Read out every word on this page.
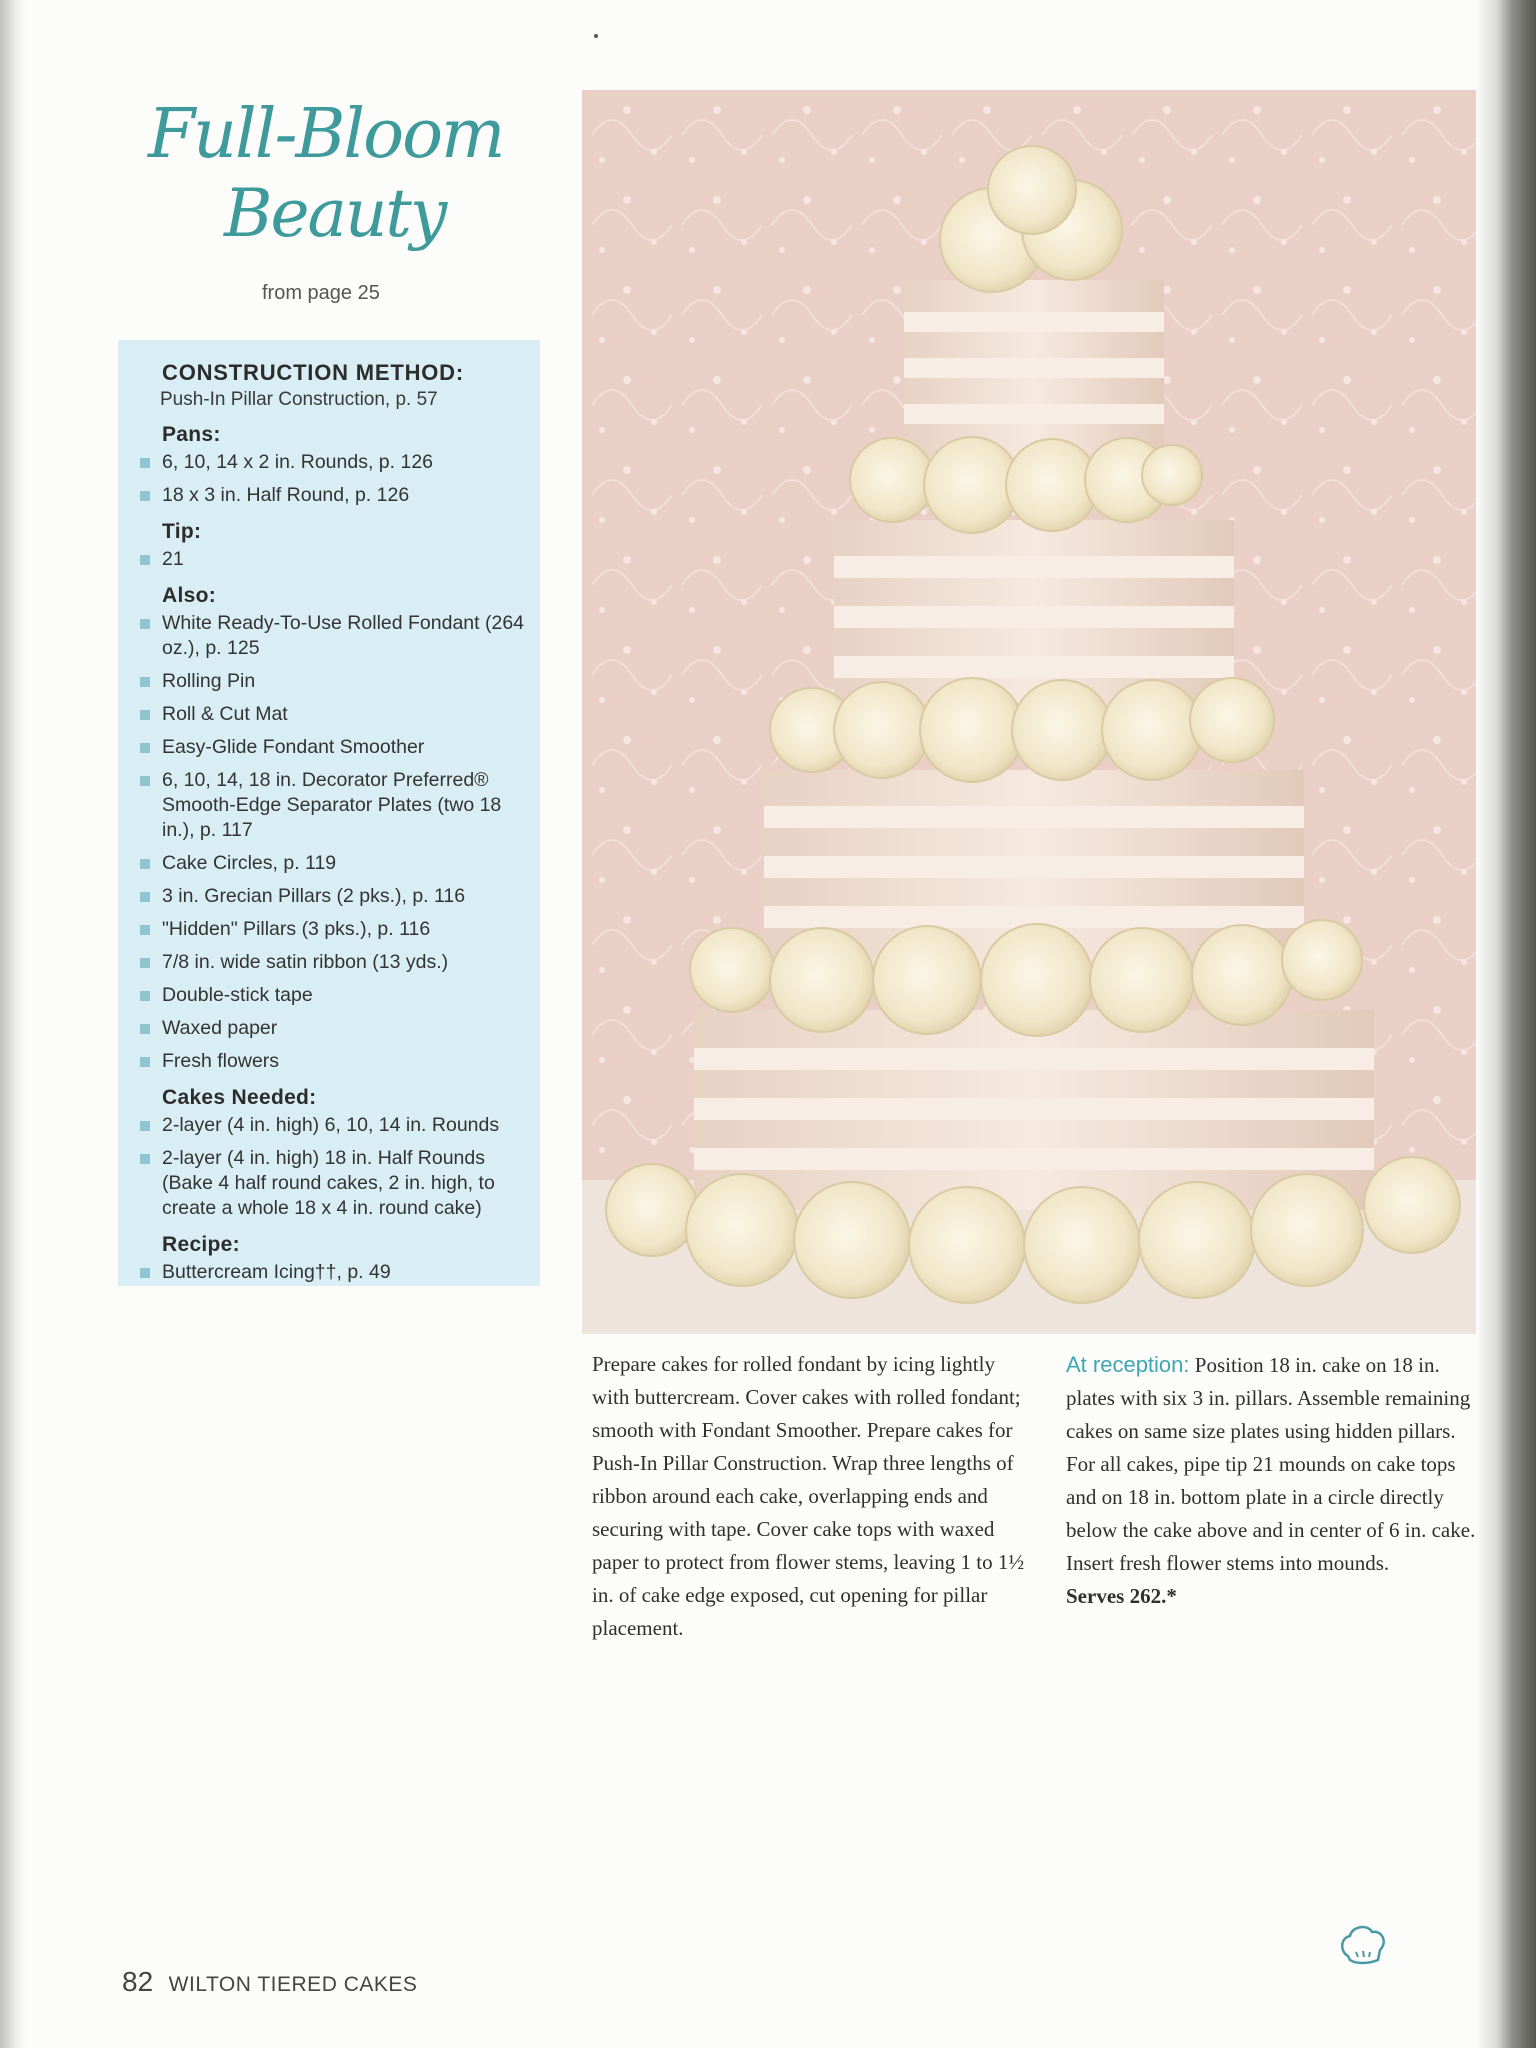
Full-Bloom
Beauty
from page 25
CONSTRUCTION METHOD:
Push-In Pillar Construction, p. 57
Pans:
6, 10, 14 x 2 in. Rounds, p. 126
18 x 3 in. Half Round, p. 126
Tip:
21
Also:
White Ready-To-Use Rolled Fondant (264 oz.), p. 125
Rolling Pin
Roll & Cut Mat
Easy-Glide Fondant Smoother
6, 10, 14, 18 in. Decorator Preferred® Smooth-Edge Separator Plates (two 18 in.), p. 117
Cake Circles, p. 119
3 in. Grecian Pillars (2 pks.), p. 116
"Hidden" Pillars (3 pks.), p. 116
7/8 in. wide satin ribbon (13 yds.)
Double-stick tape
Waxed paper
Fresh flowers
Cakes Needed:
2-layer (4 in. high) 6, 10, 14 in. Rounds
2-layer (4 in. high) 18 in. Half Rounds (Bake 4 half round cakes, 2 in. high, to create a whole 18 x 4 in. round cake)
Recipe:
Buttercream Icing††, p. 49
Prepare cakes for rolled fondant by icing lightly with buttercream. Cover cakes with rolled fondant; smooth with Fondant Smoother. Prepare cakes for Push-In Pillar Construction. Wrap three lengths of ribbon around each cake, overlapping ends and securing with tape. Cover cake tops with waxed paper to protect from flower stems, leaving 1 to 1½ in. of cake edge exposed, cut opening for pillar placement.
At reception: Position 18 in. cake on 18 in. plates with six 3 in. pillars. Assemble remaining cakes on same size plates using hidden pillars. For all cakes, pipe tip 21 mounds on cake tops and on 18 in. bottom plate in a circle directly below the cake above and in center of 6 in. cake. Insert fresh flower stems into mounds.
Serves 262.*
82 WILTON TIERED CAKES
